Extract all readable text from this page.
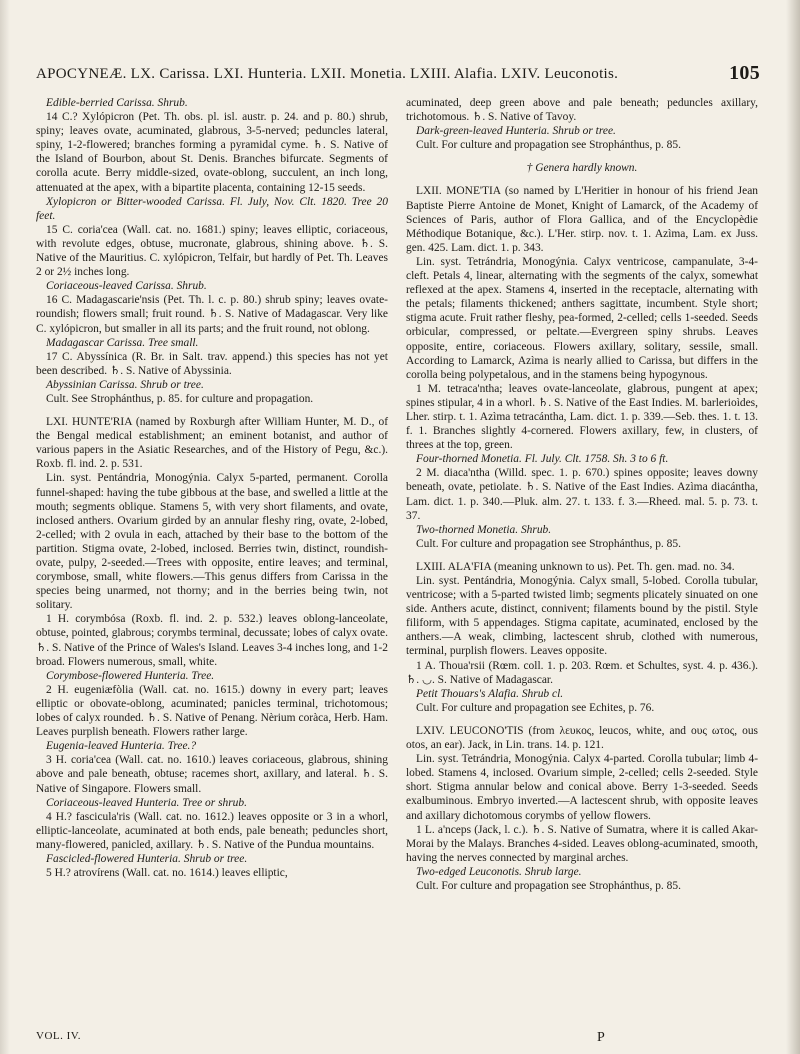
APOCYNEÆ. LX. Carissa. LXI. Hunteria. LXII. Monetia. LXIII. Alafia. LXIV. Leuconotis.	105

Edible-berried Carissa. Shrub.

14 C.? Xylópicron (Pet. Th. obs. pl. isl. austr. p. 24. and p. 80.) shrub, spiny; leaves ovate, acuminated, glabrous, 3-5-nerved; peduncles lateral, spiny, 1-2-flowered; branches forming a pyramidal cyme. ♄. S. Native of the Island of Bourbon, about St. Denis. Branches bifurcate. Segments of corolla acute. Berry middle-sized, ovate-oblong, succulent, an inch long, attenuated at the apex, with a bipartite placenta, containing 12-15 seeds.

Xylopicron or Bitter-wooded Carissa. Fl. July, Nov. Clt. 1820. Tree 20 feet.

15 C. coria'cea (Wall. cat. no. 1681.) spiny; leaves elliptic, coriaceous, with revolute edges, obtuse, mucronate, glabrous, shining above. ♄. S. Native of the Mauritius. C. xylópicron, Telfair, but hardly of Pet. Th. Leaves 2 or 2½ inches long.

Coriaceous-leaved Carissa. Shrub.

16 C. Madagascarie'nsis (Pet. Th. l. c. p. 80.) shrub spiny; leaves ovate-roundish; flowers small; fruit round. ♄. S. Native of Madagascar. Very like C. xylópicron, but smaller in all its parts; and the fruit round, not oblong.

Madagascar Carissa. Tree small.

17 C. Abyssínica (R. Br. in Salt. trav. append.) this species has not yet been described. ♄. S. Native of Abyssinia.

Abyssinian Carissa. Shrub or tree.

Cult. See Strophánthus, p. 85. for culture and propagation.

LXI. HUNTE'RIA (named by Roxburgh after William Hunter, M. D., of the Bengal medical establishment; an eminent botanist, and author of various papers in the Asiatic Researches, and of the History of Pegu, &c.). Roxb. fl. ind. 2. p. 531.

Lin. syst. Pentándria, Monogýnia. Calyx 5-parted, permanent. Corolla funnel-shaped: having the tube gibbous at the base, and swelled a little at the mouth; segments oblique. Stamens 5, with very short filaments, and ovate, inclosed anthers. Ovarium girded by an annular fleshy ring, ovate, 2-lobed, 2-celled; with 2 ovula in each, attached by their base to the bottom of the partition. Stigma ovate, 2-lobed, inclosed. Berries twin, distinct, roundish-ovate, pulpy, 2-seeded.—Trees with opposite, entire leaves; and terminal, corymbose, small, white flowers.—This genus differs from Carissa in the species being unarmed, not thorny; and in the berries being twin, not solitary.

1 H. corymbósa (Roxb. fl. ind. 2. p. 532.) leaves oblong-lanceolate, obtuse, pointed, glabrous; corymbs terminal, decussate; lobes of calyx ovate. ♄. S. Native of the Prince of Wales's Island. Leaves 3-4 inches long, and 1-2 broad. Flowers numerous, small, white.

Corymbose-flowered Hunteria. Tree.

2 H. eugeniæfòlia (Wall. cat. no. 1615.) downy in every part; leaves elliptic or obovate-oblong, acuminated; panicles terminal, trichotomous; lobes of calyx rounded. ♄. S. Native of Penang. Nèrium coràca, Herb. Ham. Leaves purplish beneath. Flowers rather large.

Eugenia-leaved Hunteria. Tree.?

3 H. coria'cea (Wall. cat. no. 1610.) leaves coriaceous, glabrous, shining above and pale beneath, obtuse; racemes short, axillary, and lateral. ♄. S. Native of Singapore. Flowers small.

Coriaceous-leaved Hunteria. Tree or shrub.

4 H.? fascicula'ris (Wall. cat. no. 1612.) leaves opposite or 3 in a whorl, elliptic-lanceolate, acuminated at both ends, pale beneath; peduncles short, many-flowered, panicled, axillary. ♄. S. Native of the Pundua mountains.

Fascicled-flowered Hunteria. Shrub or tree.

5 H.? atrovírens (Wall. cat. no. 1614.) leaves elliptic,

acuminated, deep green above and pale beneath; peduncles axillary, trichotomous. ♄. S. Native of Tavoy.

Dark-green-leaved Hunteria. Shrub or tree.

Cult. For culture and propagation see Strophánthus, p. 85.

† Genera hardly known.

LXII. MONE'TIA (so named by L'Heritier in honour of his friend Jean Baptiste Pierre Antoine de Monet, Knight of Lamarck, of the Academy of Sciences of Paris, author of Flora Gallica, and of the Encyclopèdie Méthodique Botanique, &c.). L'Her. stirp. nov. t. 1. Azìma, Lam. ex Juss. gen. 425. Lam. dict. 1. p. 343.

Lin. syst. Tetrándria, Monogýnia. Calyx ventricose, campanulate, 3-4-cleft. Petals 4, linear, alternating with the segments of the calyx, somewhat reflexed at the apex. Stamens 4, inserted in the receptacle, alternating with the petals; filaments thickened; anthers sagittate, incumbent. Style short; stigma acute. Fruit rather fleshy, pea-formed, 2-celled; cells 1-seeded. Seeds orbicular, compressed, or peltate.—Evergreen spiny shrubs. Leaves opposite, entire, coriaceous. Flowers axillary, solitary, sessile, small. According to Lamarck, Azìma is nearly allied to Carissa, but differs in the corolla being polypetalous, and in the stamens being hypogynous.

1 M. tetraca'ntha; leaves ovate-lanceolate, glabrous, pungent at apex; spines stipular, 4 in a whorl. ♄. S. Native of the East Indies. M. barlerioìdes, Lher. stirp. t. 1. Azìma tetracántha, Lam. dict. 1. p. 339.—Seb. thes. 1. t. 13. f. 1. Branches slightly 4-cornered. Flowers axillary, few, in clusters, of threes at the top, green.

Four-thorned Monetia. Fl. July. Clt. 1758. Sh. 3 to 6 ft.

2 M. diaca'ntha (Willd. spec. 1. p. 670.) spines opposite; leaves downy beneath, ovate, petiolate. ♄. S. Native of the East Indies. Azìma diacántha, Lam. dict. 1. p. 340.—Pluk. alm. 27. t. 133. f. 3.—Rheed. mal. 5. p. 73. t. 37.

Two-thorned Monetia. Shrub.

Cult. For culture and propagation see Strophánthus, p. 85.

LXIII. ALA'FIA (meaning unknown to us). Pet. Th. gen. mad. no. 34.

Lin. syst. Pentándria, Monogýnia. Calyx small, 5-lobed. Corolla tubular, ventricose; with a 5-parted twisted limb; segments plicately sinuated on one side. Anthers acute, distinct, connivent; filaments bound by the pistil. Style filiform, with 5 appendages. Stigma capitate, acuminated, enclosed by the anthers.—A weak, climbing, lactescent shrub, clothed with numerous, terminal, purplish flowers. Leaves opposite.

1 A. Thoua'rsii (Rœm. coll. 1. p. 203. Rœm. et Schultes, syst. 4. p. 436.). ♄. ◡. S. Native of Madagascar.

Petit Thouars's Alafia. Shrub cl.

Cult. For culture and propagation see Echites, p. 76.

LXIV. LEUCONO'TIS (from λευκος, leucos, white, and ους ωτος, ous otos, an ear). Jack, in Lin. trans. 14. p. 121.

Lin. syst. Tetrándria, Monogýnia. Calyx 4-parted. Corolla tubular; limb 4-lobed. Stamens 4, inclosed. Ovarium simple, 2-celled; cells 2-seeded. Style short. Stigma annular below and conical above. Berry 1-3-seeded. Seeds exalbuminous. Embryo inverted.—A lactescent shrub, with opposite leaves and axillary dichotomous corymbs of yellow flowers.

1 L. a'nceps (Jack, l. c.). ♄. S. Native of Sumatra, where it is called Akar-Morai by the Malays. Branches 4-sided. Leaves oblong-acuminated, smooth, having the nerves connected by marginal arches.

Two-edged Leuconotis. Shrub large.

Cult. For culture and propagation see Strophánthus, p. 85.

VOL. IV.	P
